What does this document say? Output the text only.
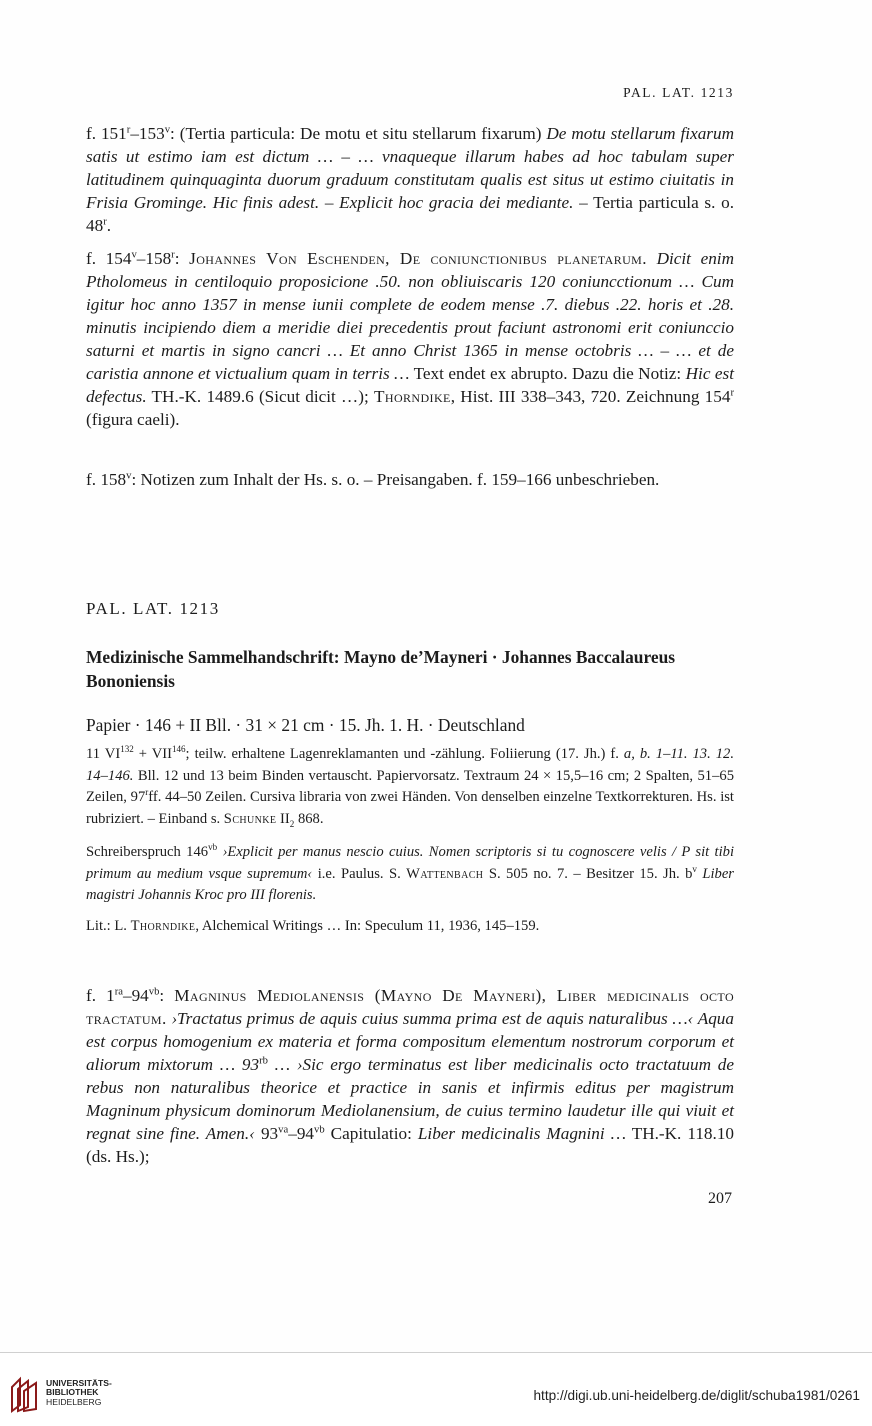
PAL. LAT. 1213

f. 151$^r$–153$^v$: (Tertia particula: De motu et situ stellarum fixarum) De motu stellarum fixarum satis ut estimo iam est dictum … – … vnaqueque illarum habes ad hoc tabulam super latitudinem quinquaginta duorum graduum constitutam qualis est situs ut estimo ciuitatis in Frisia Grominge. Hic finis adest. – Explicit hoc gracia dei mediante. – Tertia particula s. o. 48$^r$.

f. 154$^v$–158$^r$: Johannes Von Eschenden, De coniunctionibus planetarum. Dicit enim Ptholomeus in centiloquio proposicione .50. non obliuiscaris 120 coniuncctionum … Cum igitur hoc anno 1357 in mense iunii complete de eodem mense .7. diebus .22. horis et .28. minutis incipiendo diem a meridie diei precedentis prout faciunt astronomi erit coniunccio saturni et martis in signo cancri … Et anno Christ 1365 in mense octobris … – … et de caristia annone et victualium quam in terris … Text endet ex abrupto. Dazu die Notiz: Hic est defectus. TH.-K. 1489.6 (Sicut dicit …); Thorndike, Hist. III 338–343, 720. Zeichnung 154$^r$ (figura caeli).

f. 158$^v$: Notizen zum Inhalt der Hs. s. o. – Preisangaben. f. 159–166 unbeschrieben.

PAL. LAT. 1213
Medizinische Sammelhandschrift: Mayno de’Mayneri · Johannes Baccalaureus Bononiensis
Papier · 146 + II Bll. · 31 × 21 cm · 15. Jh. 1. H. · Deutschland

11 $VI^{132} + VII^{146}$; teilw. erhaltene Lagenreklamanten und -zählung. Foliierung (17. Jh.) f. a, b. 1–11. 13. 12. 14–146. Bll. 12 und 13 beim Binden vertauscht. Papiervorsatz. Textraum 24 × 15,5–16 cm; 2 Spalten, 51–65 Zeilen, 97$^r$ff. 44–50 Zeilen. Cursiva libraria von zwei Händen. Von denselben einzelne Textkorrekturen. Hs. ist rubriziert. – Einband s. Schunke $II_2$ 868.

Schreiberspruch $146^{vb}$ ›Explicit per manus nescio cuius. Nomen scriptoris si tu cognoscere velis / P sit tibi primum au medium vsque supremum‹ i.e. Paulus. S. Wattenbach S. 505 no. 7. – Besitzer 15. Jh. $b^v$ Liber magistri Johannis Kroc pro III florenis.

Lit.: L. Thorndike, Alchemical Writings … In: Speculum 11, 1936, 145–159.

f. $1^{ra}-94^{vb}$: Magninus Mediolanensis (Mayno De Mayneri), Liber medicinalis octo tractatum. ›Tractatus primus de aquis cuius summa prima est de aquis naturalibus …‹ Aqua est corpus homogenium ex materia et forma compositum elementum nostrorum corporum et aliorum mixtorum … $93^{rb}$ … ›Sic ergo terminatus est liber medicinalis octo tractatuum de rebus non naturalibus theorice et practice in sanis et infirmis editus per magistrum Magninum physicum dominorum Mediolanensium, de cuius termino laudetur ille qui viuit et regnat sine fine. Amen.‹ $93^{va}-94^{vb}$ Capitulatio: Liber medicinalis Magnini … TH.-K. 118.10 (ds. Hs.);

207
UNIVERSITÄTS-
BIBLIOTHEK
HEIDELBERG	http://digi.ub.uni-heidelberg.de/diglit/schuba1981/0261
